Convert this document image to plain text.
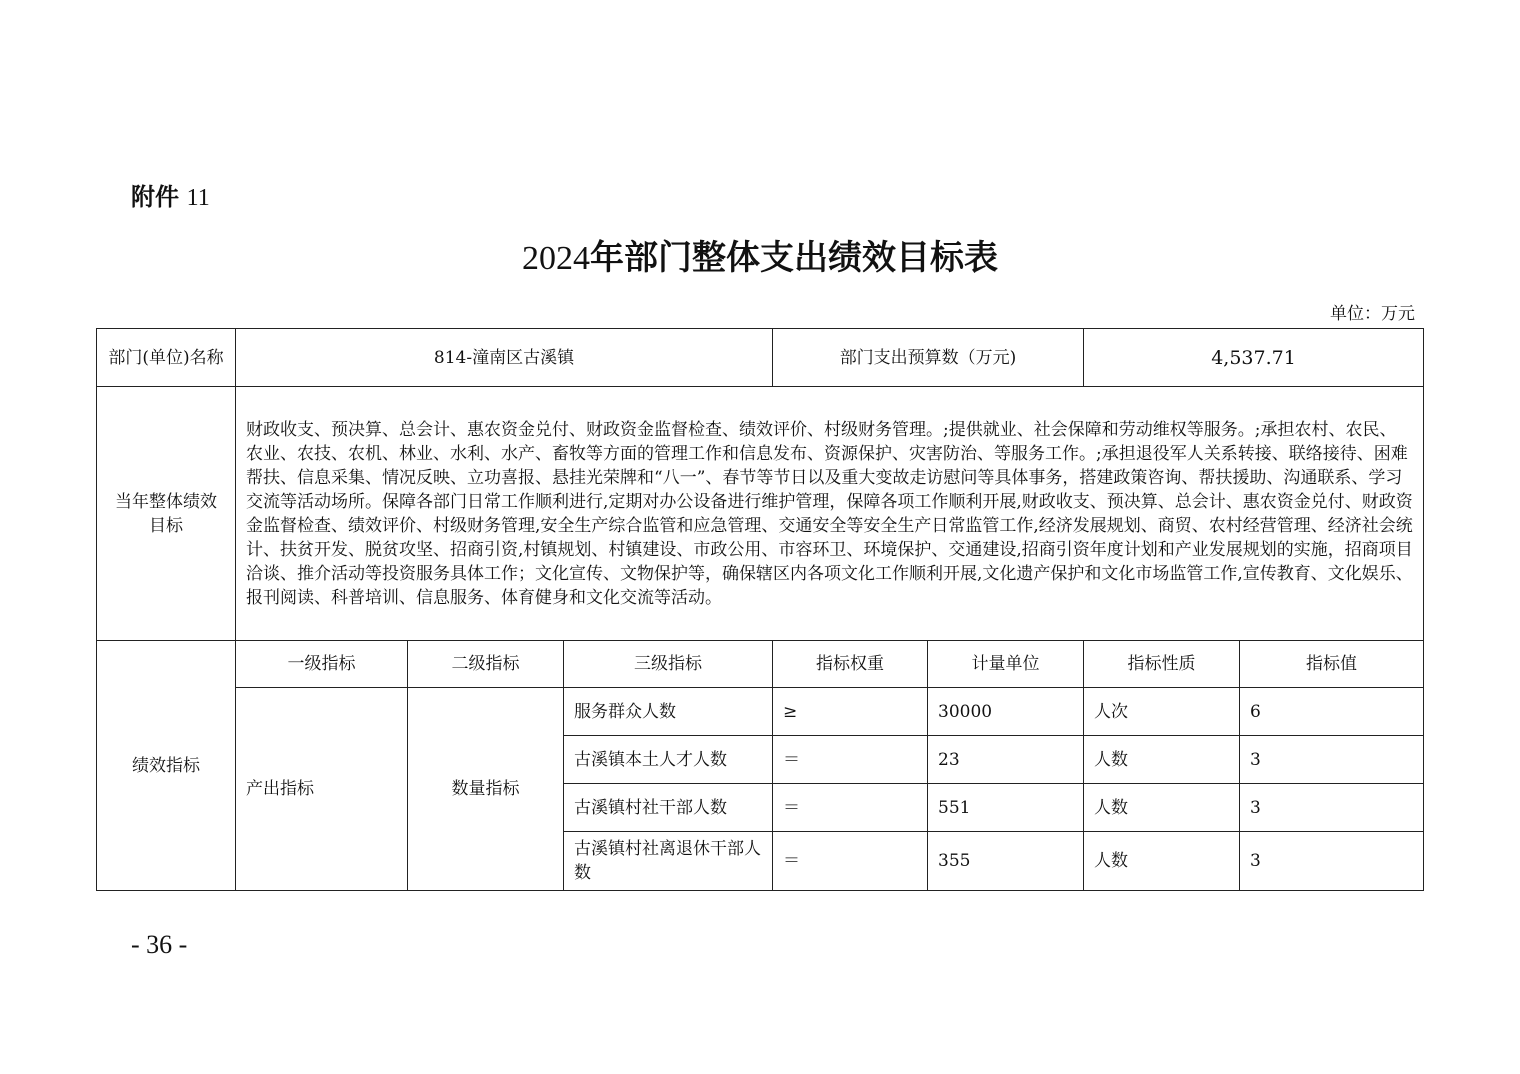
附件 11
2024年部门整体支出绩效目标表
单位：万元
部门(单位)名称	814-潼南区古溪镇			部门支出预算数（万元)		4,537.71	
当年整体绩效目标	财政收支、预决算、总会计、惠农资金兑付、财政资金监督检查、绩效评价、村级财务管理。;提供就业、社会保障和劳动维权等服务。;承担农村、农民、农业、农技、农机、林业、水利、水产、畜牧等方面的管理工作和信息发布、资源保护、灾害防治、等服务工作。;承担退役军人关系转接、联络接待、困难帮扶、信息采集、情况反映、立功喜报、悬挂光荣牌和“八一”、春节等节日以及重大变故走访慰问等具体事务，搭建政策咨询、帮扶援助、沟通联系、学习交流等活动场所。保障各部门日常工作顺利进行,定期对办公设备进行维护管理，保障各项工作顺利开展,财政收支、预决算、总会计、惠农资金兑付、财政资金监督检查、绩效评价、村级财务管理,安全生产综合监管和应急管理、交通安全等安全生产日常监管工作,经济发展规划、商贸、农村经营管理、经济社会统计、扶贫开发、脱贫攻坚、招商引资,村镇规划、村镇建设、市政公用、市容环卫、环境保护、交通建设,招商引资年度计划和产业发展规划的实施，招商项目洽谈、推介活动等投资服务具体工作；文化宣传、文物保护等，确保辖区内各项文化工作顺利开展,文化遗产保护和文化市场监管工作,宣传教育、文化娱乐、报刊阅读、科普培训、信息服务、体育健身和文化交流等活动。						
绩效指标	一级指标	二级指标	三级指标	指标权重	计量单位	指标性质	指标值
	产出指标	数量指标	服务群众人数	≥	30000	人次	6
			古溪镇本土人才人数	＝	23	人数	3
			古溪镇村社干部人数	＝	551	人数	3
			古溪镇村社离退休干部人数	＝	355	人数	3
- 36 -
